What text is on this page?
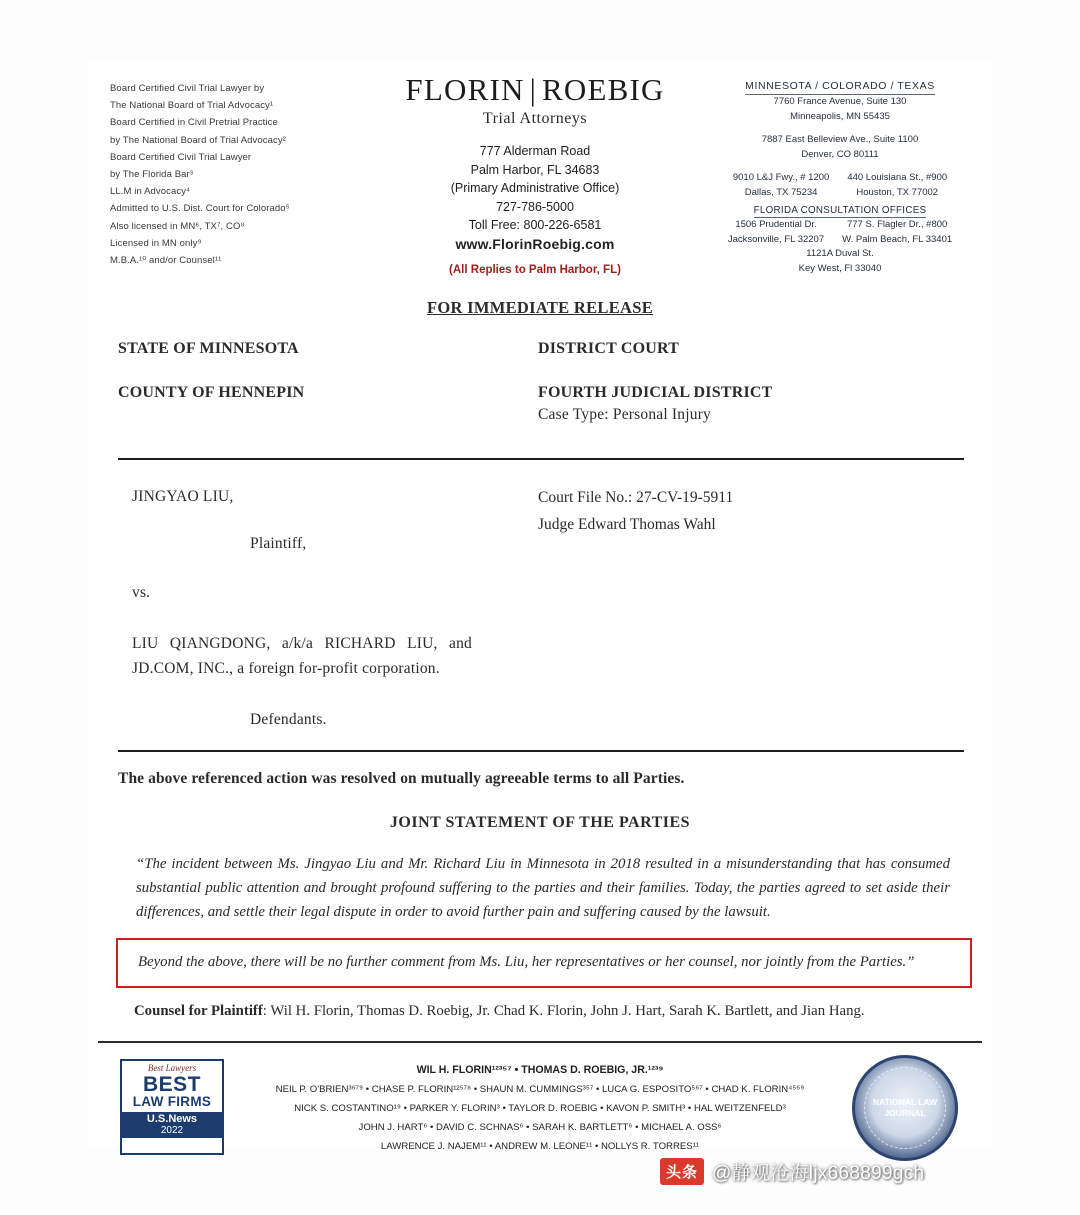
Board Certified Civil Trial Lawyer by
The National Board of Trial Advocacy¹
Board Certified in Civil Pretrial Practice
by The National Board of Trial Advocacy²
Board Certified Civil Trial Lawyer
by The Florida Bar³
LL.M in Advocacy⁴
Admitted to U.S. Dist. Court for Colorado⁵
Also licensed in MN⁶, TX⁷, CO⁸
Licensed in MN only⁹
M.B.A.¹⁰ and/or Counsel¹¹
FLORIN | ROEBIG
Trial Attorneys
777 Alderman Road
Palm Harbor, FL 34683
(Primary Administrative Office)
727-786-5000
Toll Free: 800-226-6581
www.FlorinRoebig.com
(All Replies to Palm Harbor, FL)
MINNESOTA / COLORADO / TEXAS
7760 France Avenue, Suite 130
Minneapolis, MN 55435
7887 East Belleview Ave., Suite 1100
Denver, CO 80111
9010 L&J Fwy., # 1200
Dallas, TX 75234
440 Louisiana St., #900
Houston, TX 77002
FLORIDA CONSULTATION OFFICES
1506 Prudential Dr.
Jacksonville, FL 32207
777 S. Flagler Dr., #800
W. Palm Beach, FL 33401
1121A Duval St.
Key West, Fl 33040
FOR IMMEDIATE RELEASE
STATE OF MINNESOTA	DISTRICT COURT
COUNTY OF HENNEPIN	FOURTH JUDICIAL DISTRICT
Case Type: Personal Injury
JINGYAO LIU,
Plaintiff,
vs.
LIU QIANGDONG, a/k/a RICHARD LIU, and JD.COM, INC., a foreign for-profit corporation.
Defendants.
Court File No.: 27-CV-19-5911
Judge Edward Thomas Wahl
The above referenced action was resolved on mutually agreeable terms to all Parties.
JOINT STATEMENT OF THE PARTIES
“The incident between Ms. Jingyao Liu and Mr. Richard Liu in Minnesota in 2018 resulted in a misunderstanding that has consumed substantial public attention and brought profound suffering to the parties and their families. Today, the parties agreed to set aside their differences, and settle their legal dispute in order to avoid further pain and suffering caused by the lawsuit.
Beyond the above, there will be no further comment from Ms. Liu, her representatives or her counsel, nor jointly from the Parties.”
Counsel for Plaintiff: Wil H. Florin, Thomas D. Roebig, Jr. Chad K. Florin, John J. Hart, Sarah K. Bartlett, and Jian Hang.
Best Lawyers
BEST
LAW FIRMS
U.S.News
2022
WIL H. FLORIN¹²³⁵⁷ • THOMAS D. ROEBIG, JR.¹²³⁹
NEIL P. O'BRIEN³⁶⁷⁹ • CHASE P. FLORIN¹²⁵⁷⁸ • SHAUN M. CUMMINGS³⁵⁷ • LUCA G. ESPOSITO⁵⁶⁷ • CHAD K. FLORIN⁴⁵⁶⁹
NICK S. COSTANTINO¹⁹ • PARKER Y. FLORIN³ • TAYLOR D. ROEBIG • KAVON P. SMITH³ • HAL WEITZENFELD³
JOHN J. HART⁶ • DAVID C. SCHNAS⁶ • SARAH K. BARTLETT⁶ • MICHAEL A. OSS⁶
LAWRENCE J. NAJEM¹¹ • ANDREW M. LEONE¹¹ • NOLLYS R. TORRES¹¹
NATIONAL LAW JOURNAL
头条 @静观沧海ljx668899gch
